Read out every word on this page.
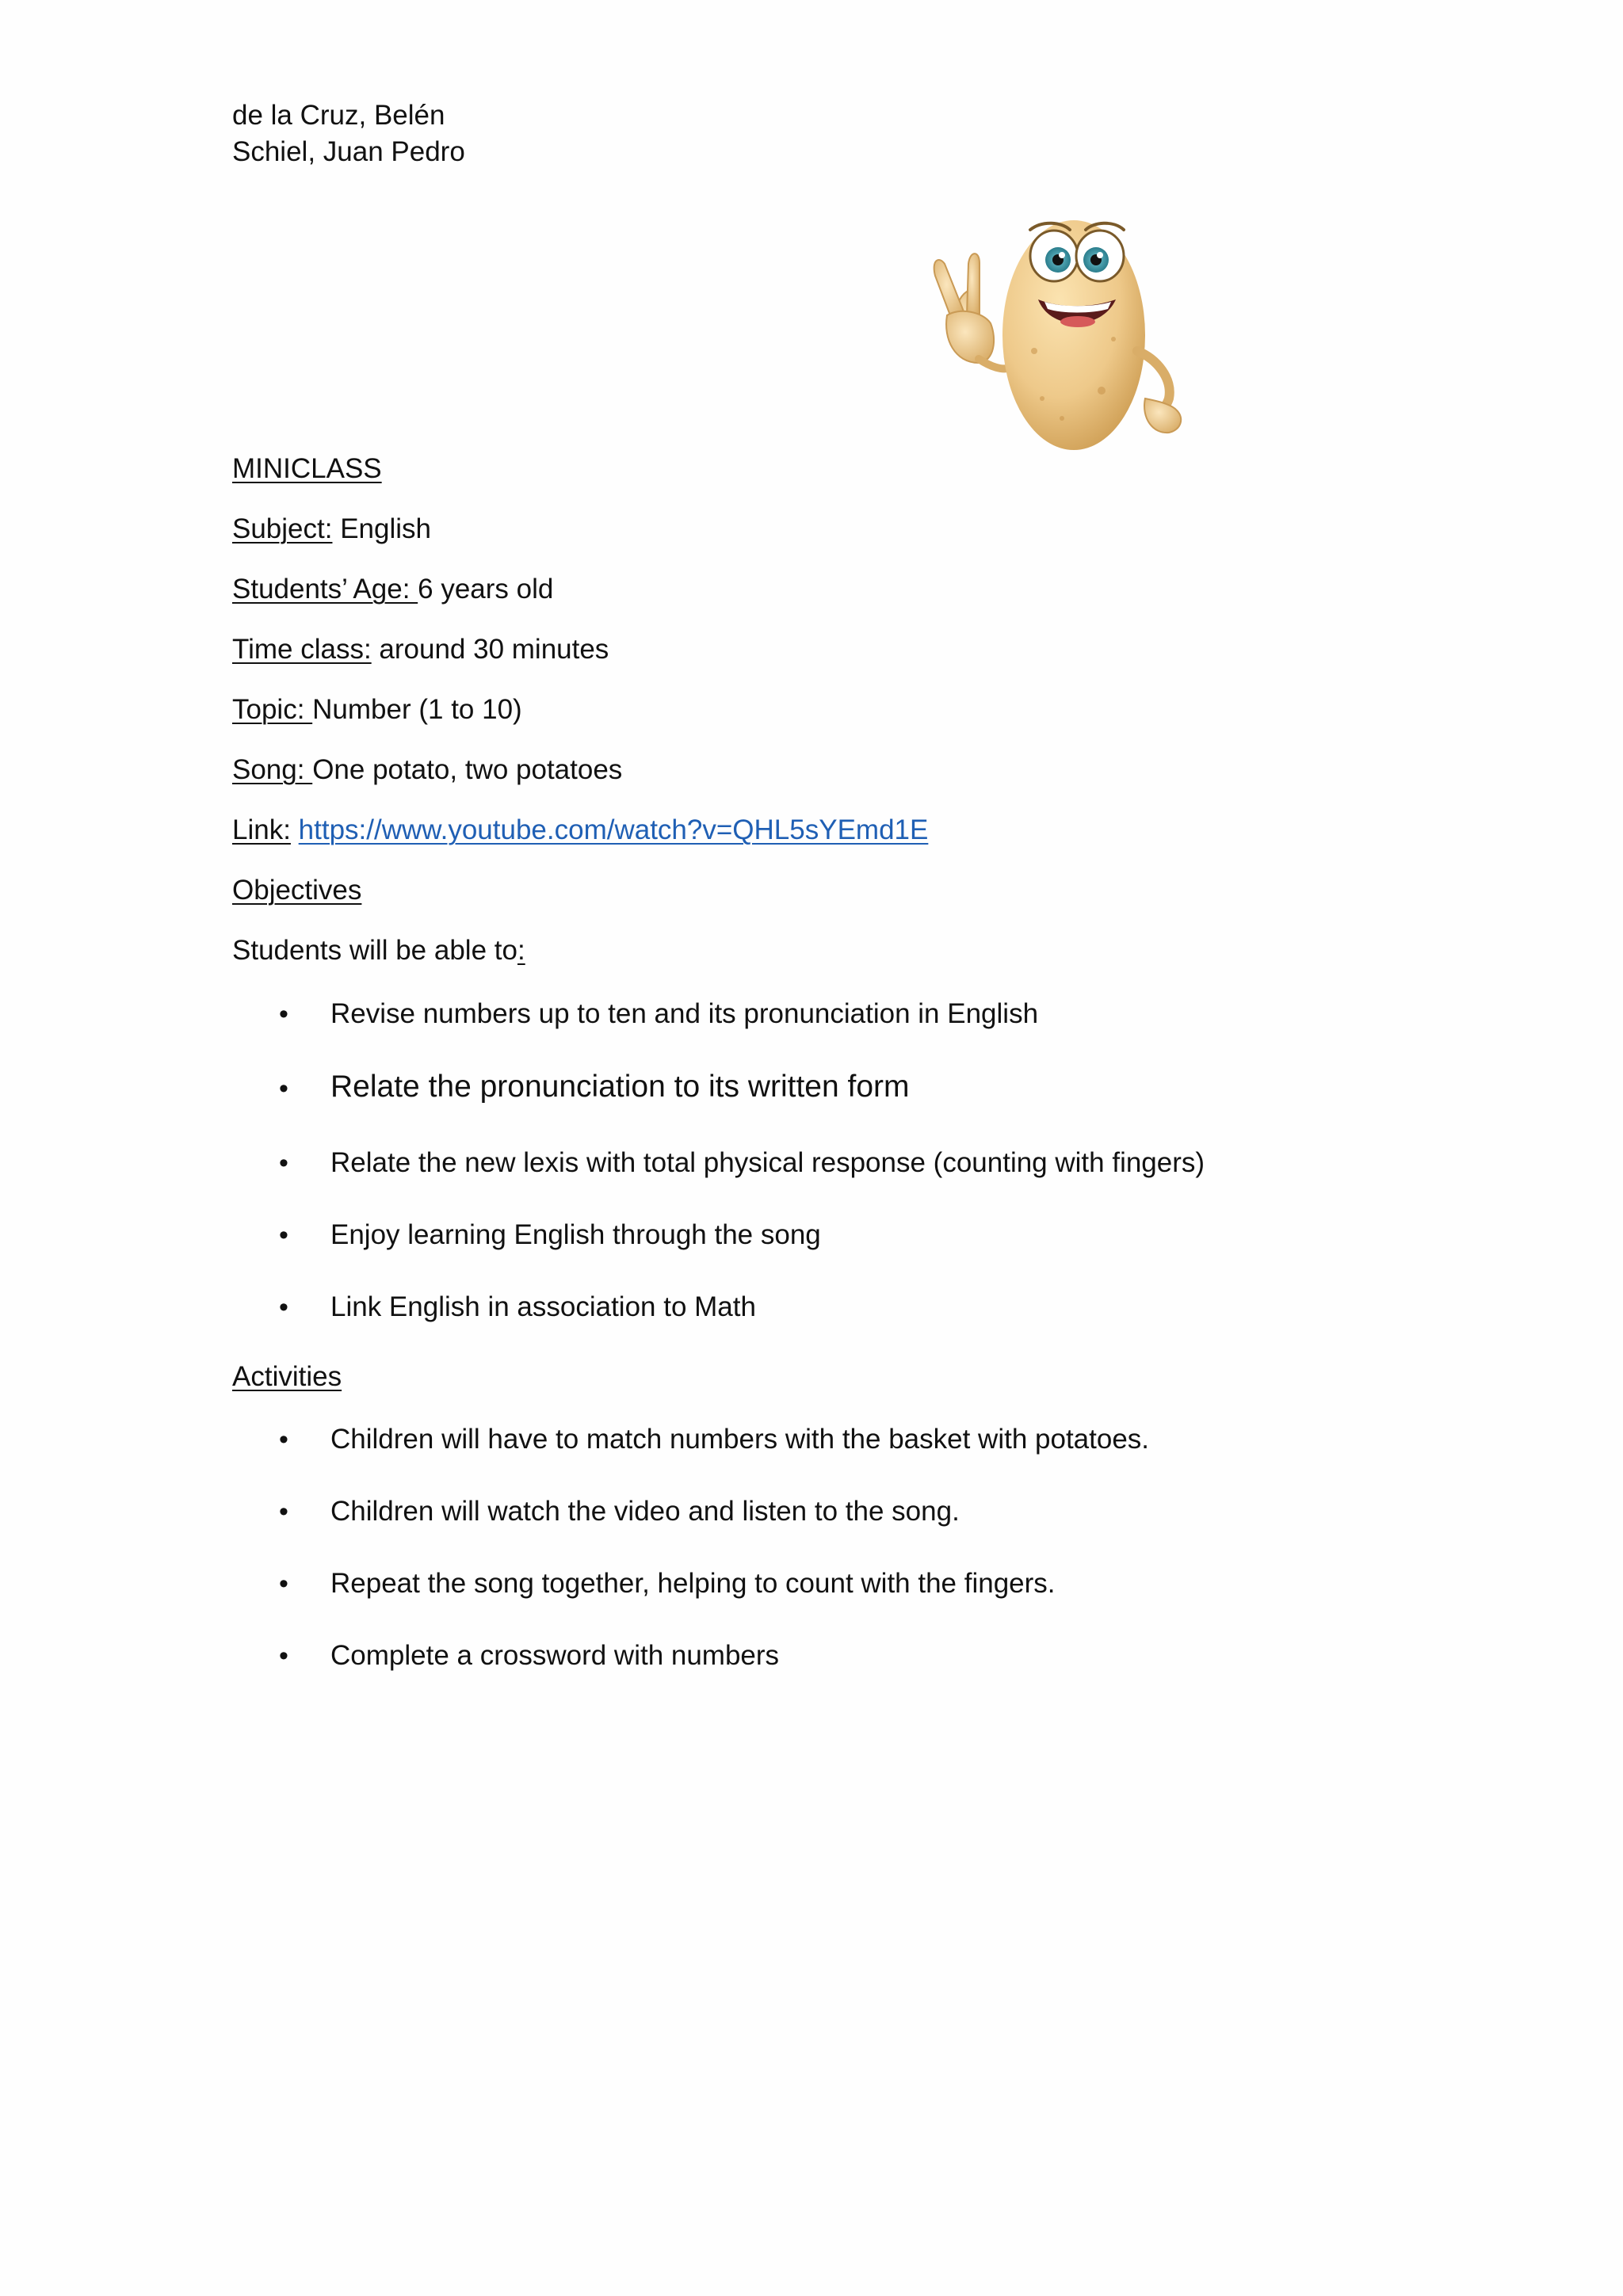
de la Cruz, Belén
Schiel, Juan Pedro
MINICLASS
Subject: English
Students’ Age: 6 years old
Time class: around 30 minutes
Topic: Number (1 to 10)
Song: One potato, two potatoes
Link: https://www.youtube.com/watch?v=QHL5sYEmd1E
Objectives
Students will be able to:
• Revise numbers up to ten and its pronunciation in English
• Relate the pronunciation to its written form
• Relate the new lexis with total physical response (counting with fingers)
• Enjoy learning English through the song
• Link English in association to Math
Activities
• Children will have to match numbers with the basket with potatoes.
• Children will watch the video and listen to the song.
• Repeat the song together, helping to count with the fingers.
• Complete a crossword with numbers
